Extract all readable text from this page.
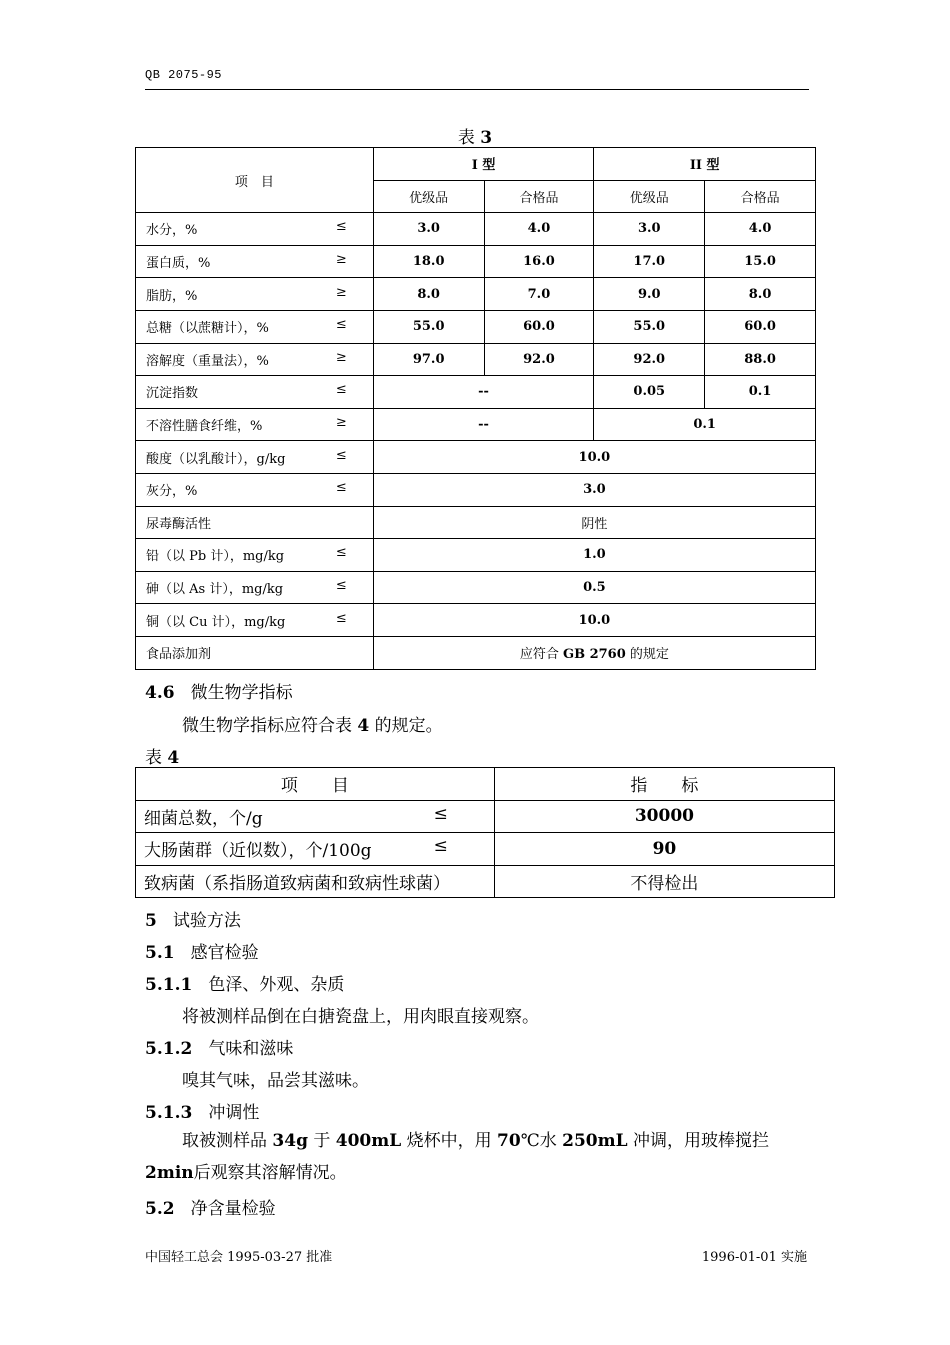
QB 2075-95
表 3
项　目	I 型		II 型	
	优级品	合格品	优级品	合格品
水分，% ≤	3.0	4.0	3.0	4.0
蛋白质，% ≥	18.0	16.0	17.0	15.0
脂肪，% ≥	8.0	7.0	9.0	8.0
总糖（以蔗糖计），% ≤	55.0	60.0	55.0	60.0
溶解度（重量法），% ≥	97.0	92.0	92.0	88.0
沉淀指数 ≤	--		0.05	0.1
不溶性膳食纤维，% ≥	--		0.1	
酸度（以乳酸计），g/kg ≤	10.0			
灰分，% ≤	3.0			
尿毒酶活性	阴性			
铅（以 Pb 计），mg/kg ≤	1.0			
砷（以 As 计），mg/kg ≤	0.5			
铜（以 Cu 计），mg/kg ≤	10.0			
食品添加剂	应符合 GB 2760 的规定			
4.6 微生物学指标
微生物学指标应符合表 4 的规定。
表 4
项　　目	指　　标
细菌总数，个/g ≤	30000
大肠菌群（近似数），个/100g ≤	90
致病菌（系指肠道致病菌和致病性球菌）	不得检出
5 试验方法
5.1 感官检验
5.1.1 色泽、外观、杂质
将被测样品倒在白搪瓷盘上，用肉眼直接观察。
5.1.2 气味和滋味
嗅其气味，品尝其滋味。
5.1.3 冲调性
取被测样品 34g 于 400mL 烧杯中，用 70℃水 250mL 冲调，用玻棒搅拦 2min后观察其溶解情况。
5.2 净含量检验
中国轻工总会 1995-03-27 批准	1996-01-01 实施
